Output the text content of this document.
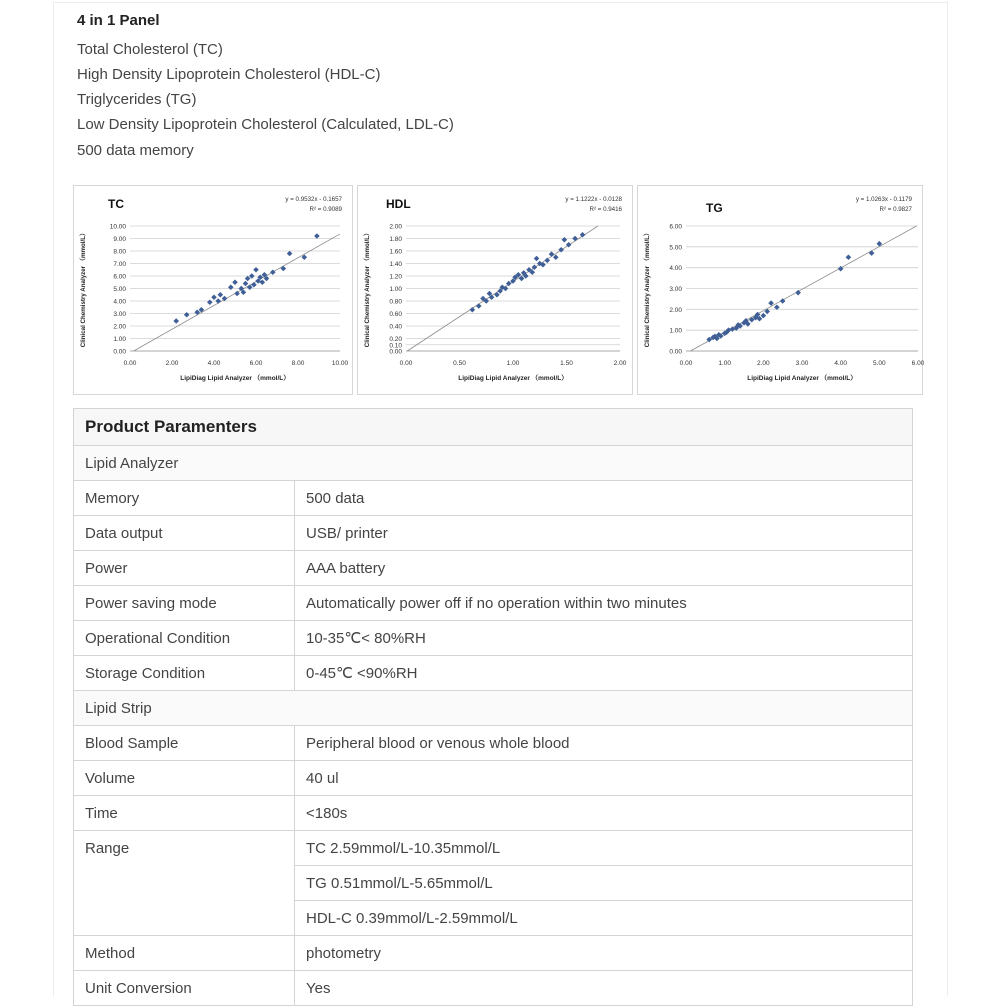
4 in 1 Panel
Total Cholesterol (TC)
High Density Lipoprotein Cholesterol (HDL-C)
Triglycerides (TG)
Low Density Lipoprotein Cholesterol (Calculated, LDL-C)
500 data memory
0.00
1.00
2.00
3.00
4.00
5.00
6.00
7.00
8.00
9.00
10.00
0.00	2.00	4.00	6.00	8.00	10.00
TC	y = 0.9532x - 0.1657
R² = 0.9089
LipiDiag Lipid Analyzer （mmol/L）
Clinical Chemistry Analyzer （mmol/L）
0.00
0.10
0.20
0.40
0.60
0.80
1.00
1.20
1.40
1.60
1.80
2.00
0.00	0.50	1.00	1.50	2.00
HDL	y = 1.1222x - 0.0128
R² = 0.9416
LipiDiag Lipid Analyzer （mmol/L）
Clinical Chemistry Analyzer （mmol/L）
0.00
1.00
2.00
3.00
4.00
5.00
6.00
0.00	1.00	2.00	3.00	4.00	5.00	6.00
TG
y = 1.0263x - 0.1179
R² = 0.9827
LipiDiag Lipid Analyzer （mmol/L）
Clinical Chemistry Analyzer （mmol/L）
Product Paramenters	
Lipid Analyzer	
Memory	500 data
Data output	USB/ printer
Power	AAA battery
Power saving mode	Automatically power off if no operation within two minutes
Operational Condition	10-35℃< 80%RH
Storage Condition	0-45℃ <90%RH
Lipid Strip	
Blood Sample	Peripheral blood or venous whole blood
Volume	40 ul
Time	<180s
Range	TC 2.59mmol/L-10.35mmol/L
	TG 0.51mmol/L-5.65mmol/L
	HDL-C 0.39mmol/L-2.59mmol/L
Method	photometry
Unit Conversion	Yes
